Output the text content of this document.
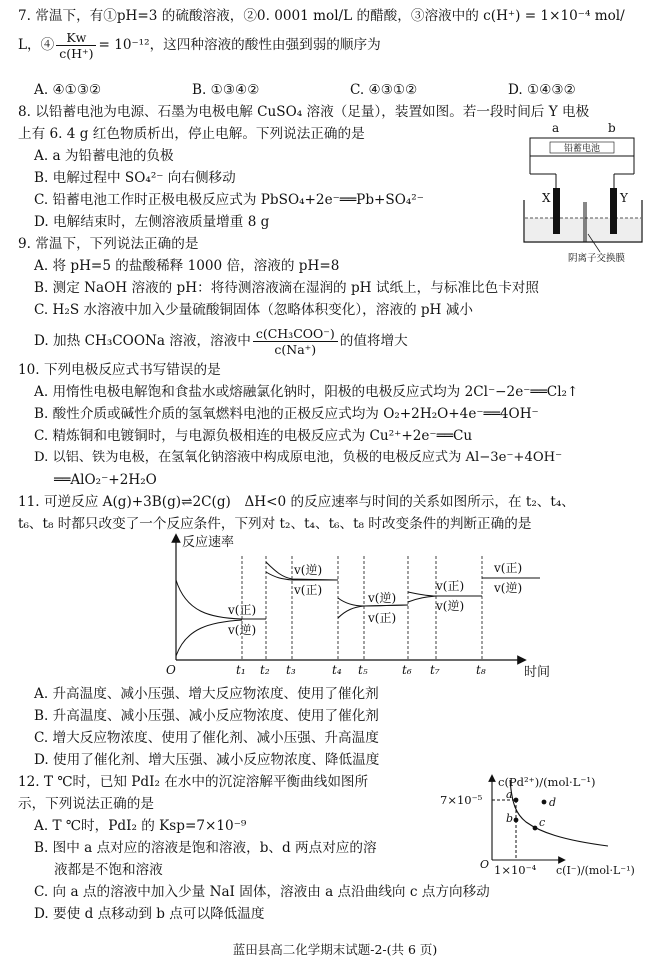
7. 常温下，有①pH=3 的硫酸溶液，②0. 0001 mol/L 的醋酸，③溶液中的 c(H⁺) = 1×10⁻⁴ mol/
L，④ $\frac{Kw}{c(H^+)} = 10^{-12}$，这四种溶液的酸性由强到弱的顺序为
A. ④①③②	B. ①③④②	C. ④③①②	D. ①④③②
8. 以铅蓄电池为电源、石墨为电极电解 CuSO₄ 溶液（足量），装置如图。若一段时间后 Y 电极
上有 6. 4 g 红色物质析出，停止电解。下列说法正确的是
A. a 为铅蓄电池的负极
B. 电解过程中 SO₄²⁻ 向右侧移动
C. 铅蓄电池工作时正极电极反应式为 PbSO₄+2e⁻══Pb+SO₄²⁻
D. 电解结束时，左侧溶液质量增重 8 g
a	b
铅蓄电池
X	Y
阴离子交换膜
9. 常温下，下列说法正确的是
A. 将 pH=5 的盐酸稀释 1000 倍，溶液的 pH=8
B. 测定 NaOH 溶液的 pH：将待测溶液滴在湿润的 pH 试纸上，与标准比色卡对照
C. H₂S 水溶液中加入少量硫酸铜固体（忽略体积变化），溶液的 pH 减小
D. 加热 CH₃COONa 溶液，溶液中 $\frac{\text{c(CH₃COO⁻)}}{c(Na^+)}$ 的值将增大
10. 下列电极反应式书写错误的是
A. 用惰性电极电解饱和食盐水或熔融氯化钠时，阳极的电极反应式均为 2Cl⁻−2e⁻══Cl₂↑
B. 酸性介质或碱性介质的氢氧燃料电池的正极反应式均为 O₂+2H₂O+4e⁻══4OH⁻
C. 精炼铜和电镀铜时，与电源负极相连的电极反应式为 Cu²⁺+2e⁻══Cu
D. 以铝、铁为电极，在氢氧化钠溶液中构成原电池，负极的电极反应式为 Al−3e⁻+4OH⁻
══AlO₂⁻+2H₂O
11. 可逆反应 A(g)+3B(g)⇌2C(g)　ΔH<0 的反应速率与时间的关系如图所示，在 t₂、t₄、
t₆、t₈ 时都只改变了一个反应条件，下列对 t₂、t₄、t₆、t₈ 时改变条件的判断正确的是
反应速率
时间
O	t₁ t₂ t₃	t₄ t₅	t₆ t₇	t₈
v(正)
v(逆)
v(逆)
v(正)
v(逆)
v(正)
v(正)
v(逆)
v(正)
v(逆)
A. 升高温度、减小压强、增大反应物浓度、使用了催化剂
B. 升高温度、减小压强、减小反应物浓度、使用了催化剂
C. 增大反应物浓度、使用了催化剂、减小压强、升高温度
D. 使用了催化剂、增大压强、减小反应物浓度、降低温度
12. T ℃时，已知 PdI₂ 在水中的沉淀溶解平衡曲线如图所
示，下列说法正确的是
A. T ℃时，PdI₂ 的 Ksp=7×10⁻⁹
B. 图中 a 点对应的溶液是饱和溶液，b、d 两点对应的溶
液都是不饱和溶液
C. 向 a 点的溶液中加入少量 NaI 固体，溶液由 a 点沿曲线向 c 点方向移动
D. 要使 d 点移动到 b 点可以降低温度
c(Pd²⁺)/(mol·L⁻¹)
c(I⁻)/(mol·L⁻¹)
7×10⁻⁵
1×10⁻⁴
O
a
b c
d
蓝田县高二化学期末试题-2-(共 6 页)
